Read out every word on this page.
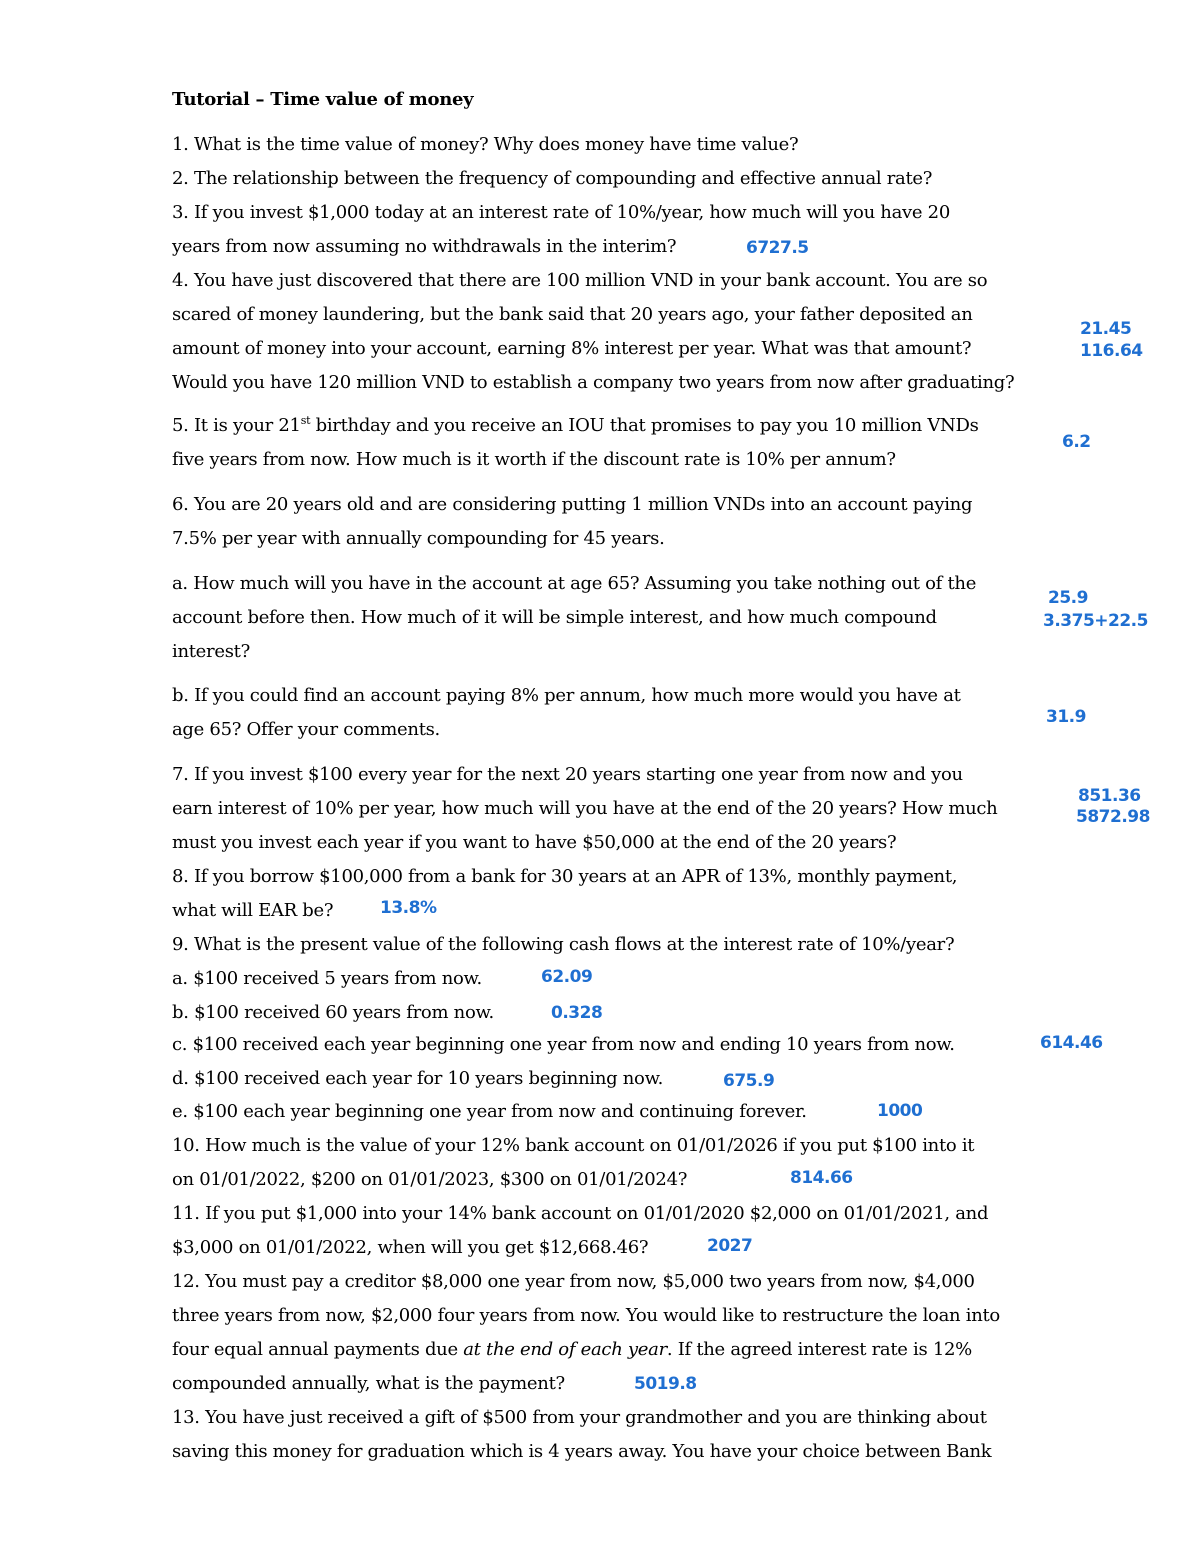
Tutorial – Time value of money
1. What is the time value of money? Why does money have time value?
2. The relationship between the frequency of compounding and effective annual rate?
3. If you invest $1,000 today at an interest rate of 10%/year, how much will you have 20
years from now assuming no withdrawals in the interim?	6727.5
4. You have just discovered that there are 100 million VND in your bank account. You are so
scared of money laundering, but the bank said that 20 years ago, your father deposited an
amount of money into your account, earning 8% interest per year. What was that amount?
Would you have 120 million VND to establish a company two years from now after graduating?
21.45
116.64
5. It is your 21st birthday and you receive an IOU that promises to pay you 10 million VNDs
five years from now. How much is it worth if the discount rate is 10% per annum?
6.2
6. You are 20 years old and are considering putting 1 million VNDs into an account paying
7.5% per year with annually compounding for 45 years.
a. How much will you have in the account at age 65? Assuming you take nothing out of the
account before then. How much of it will be simple interest, and how much compound
interest?
25.9
3.375+22.5
b. If you could find an account paying 8% per annum, how much more would you have at
age 65? Offer your comments.
31.9
7. If you invest $100 every year for the next 20 years starting one year from now and you
earn interest of 10% per year, how much will you have at the end of the 20 years? How much
must you invest each year if you want to have $50,000 at the end of the 20 years?
851.36
5872.98
8. If you borrow $100,000 from a bank for 30 years at an APR of 13%, monthly payment,
what will EAR be?	13.8%
9. What is the present value of the following cash flows at the interest rate of 10%/year?
a. $100 received 5 years from now.	62.09
b. $100 received 60 years from now.	0.328
c. $100 received each year beginning one year from now and ending 10 years from now.	614.46
d. $100 received each year for 10 years beginning now.	675.9
e. $100 each year beginning one year from now and continuing forever.	1000
10. How much is the value of your 12% bank account on 01/01/2026 if you put $100 into it
on 01/01/2022, $200 on 01/01/2023, $300 on 01/01/2024?	814.66
11. If you put $1,000 into your 14% bank account on 01/01/2020 $2,000 on 01/01/2021, and
$3,000 on 01/01/2022, when will you get $12,668.46?	2027
12. You must pay a creditor $8,000 one year from now, $5,000 two years from now, $4,000
three years from now, $2,000 four years from now. You would like to restructure the loan into
four equal annual payments due at the end of each year. If the agreed interest rate is 12%
compounded annually, what is the payment?	5019.8
13. You have just received a gift of $500 from your grandmother and you are thinking about
saving this money for graduation which is 4 years away. You have your choice between Bank
